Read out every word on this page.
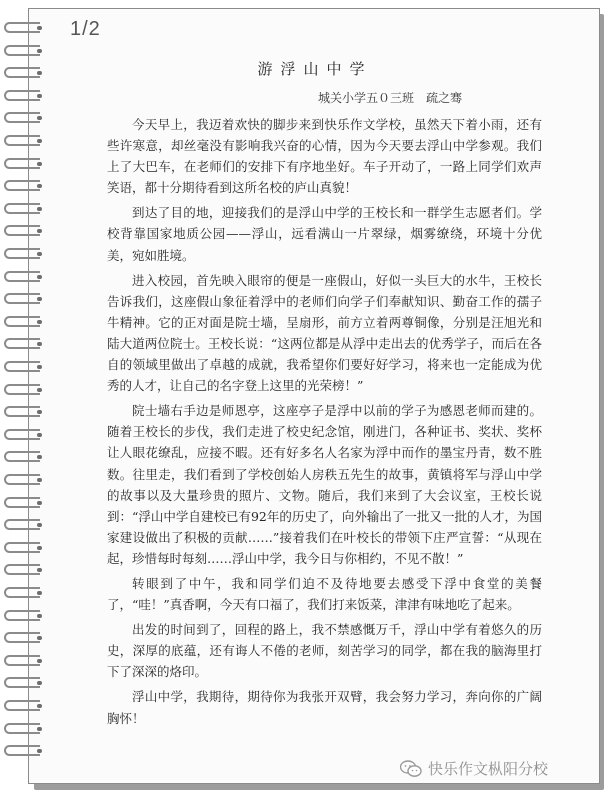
1/2
游浮山中学
城关小学五０三班　疏之骞

今天早上，我迈着欢快的脚步来到快乐作文学校，虽然天下着小雨，还有些许寒意，却丝毫没有影响我兴奋的心情，因为今天要去浮山中学参观。我们上了大巴车，在老师们的安排下有序地坐好。车子开动了，一路上同学们欢声笑语，都十分期待看到这所名校的庐山真貌！

到达了目的地，迎接我们的是浮山中学的王校长和一群学生志愿者们。学校背靠国家地质公园——浮山，远看满山一片翠绿，烟雾缭绕，环境十分优美，宛如胜境。

进入校园，首先映入眼帘的便是一座假山，好似一头巨大的水牛，王校长告诉我们，这座假山象征着浮中的老师们向学子们奉献知识、勤奋工作的孺子牛精神。它的正对面是院士墙，呈扇形，前方立着两尊铜像，分别是汪旭光和陆大道两位院士。王校长说：“这两位都是从浮中走出去的优秀学子，而后在各自的领域里做出了卓越的成就，我希望你们要好好学习，将来也一定能成为优秀的人才，让自己的名字登上这里的光荣榜！”

院士墙右手边是师恩亭，这座亭子是浮中以前的学子为感恩老师而建的。随着王校长的步伐，我们走进了校史纪念馆，刚进门，各种证书、奖状、奖杯让人眼花缭乱，应接不暇。还有好多名人名家为浮中而作的墨宝丹青，数不胜数。往里走，我们看到了学校创始人房秩五先生的故事，黄镇将军与浮山中学的故事以及大量珍贵的照片、文物。随后，我们来到了大会议室，王校长说到：“浮山中学自建校已有92年的历史了，向外输出了一批又一批的人才，为国家建设做出了积极的贡献……”接着我们在叶校长的带领下庄严宣誓：“从现在起，珍惜每时每刻……浮山中学，我今日与你相约，不见不散！”

转眼到了中午，我和同学们迫不及待地要去感受下浮中食堂的美餐了，“哇！”真香啊，今天有口福了，我们打来饭菜，津津有味地吃了起来。

出发的时间到了，回程的路上，我不禁感慨万千，浮山中学有着悠久的历史，深厚的底蕴，还有诲人不倦的老师，刻苦学习的同学，都在我的脑海里打下了深深的烙印。

浮山中学，我期待，期待你为我张开双臂，我会努力学习，奔向你的广阔胸怀！

快乐作文枞阳分校
